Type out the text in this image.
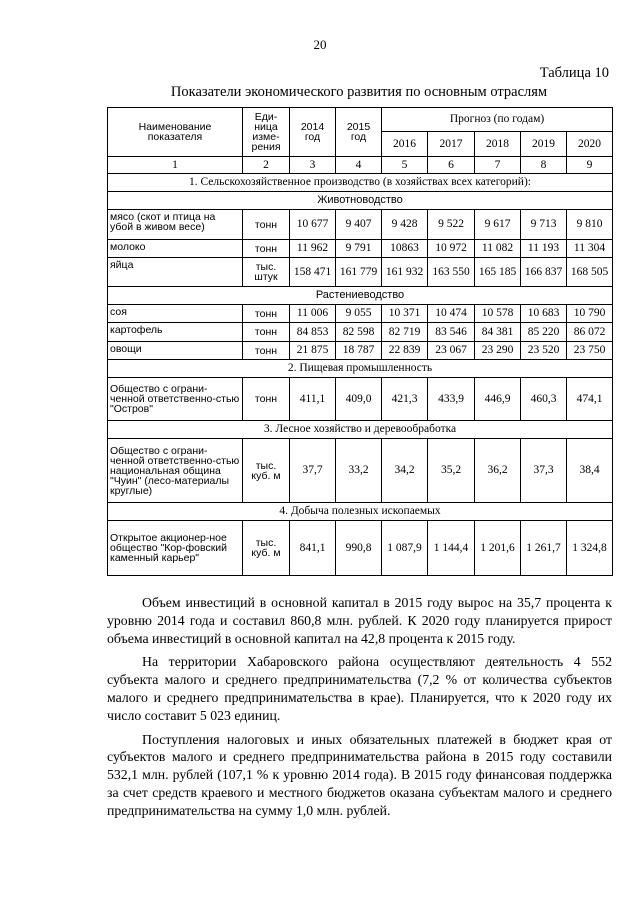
20
Таблица 10
Показатели экономического развития по основным отраслям
Наименование показателя	Еди-ница изме-рения	2014 год	2015 год	Прогноз (по годам)				
				2016	2017	2018	2019	2020
1	2	3	4	5	6	7	8	9
1. Сельскохозяйственное производство (в хозяйствах всех категорий):								
Животноводство								
мясо (скот и птица на убой в живом весе)	тонн	10 677	9 407	9 428	9 522	9 617	9 713	9 810
молоко	тонн	11 962	9 791	10863	10 972	11 082	11 193	11 304
яйца	тыс. штук	158 471	161 779	161 932	163 550	165 185	166 837	168 505
Растениеводство								
соя	тонн	11 006	9 055	10 371	10 474	10 578	10 683	10 790
картофель	тонн	84 853	82 598	82 719	83 546	84 381	85 220	86 072
овощи	тонн	21 875	18 787	22 839	23 067	23 290	23 520	23 750
2. Пищевая промышленность								
Общество с ограни-ченной ответственно-стью "Остров"	тонн	411,1	409,0	421,3	433,9	446,9	460,3	474,1
3. Лесное хозяйство и деревообработка								
Общество с ограни-ченной ответственно-стью национальная община "Чуин" (лесо-материалы круглые)	тыс. куб. м	37,7	33,2	34,2	35,2	36,2	37,3	38,4
4. Добыча полезных ископаемых								
Открытое акционер-ное общество "Кор-фовский каменный карьер"	тыс. куб. м	841,1	990,8	1 087,9	1 144,4	1 201,6	1 261,7	1 324,8

Объем инвестиций в основной капитал в 2015 году вырос на 35,7 процента к уровню 2014 года и составил 860,8 млн. рублей. К 2020 году планируется прирост объема инвестиций в основной капитал на 42,8 процента к 2015 году.

На территории Хабаровского района осуществляют деятельность 4 552 субъекта малого и среднего предпринимательства (7,2 % от количества субъектов малого и среднего предпринимательства в крае). Планируется, что к 2020 году их число составит 5 023 единиц.

Поступления налоговых и иных обязательных платежей в бюджет края от субъектов малого и среднего предпринимательства района в 2015 году составили 532,1 млн. рублей (107,1 % к уровню 2014 года). В 2015 году финансовая поддержка за счет средств краевого и местного бюджетов оказана субъектам малого и среднего предпринимательства на сумму 1,0 млн. рублей.
